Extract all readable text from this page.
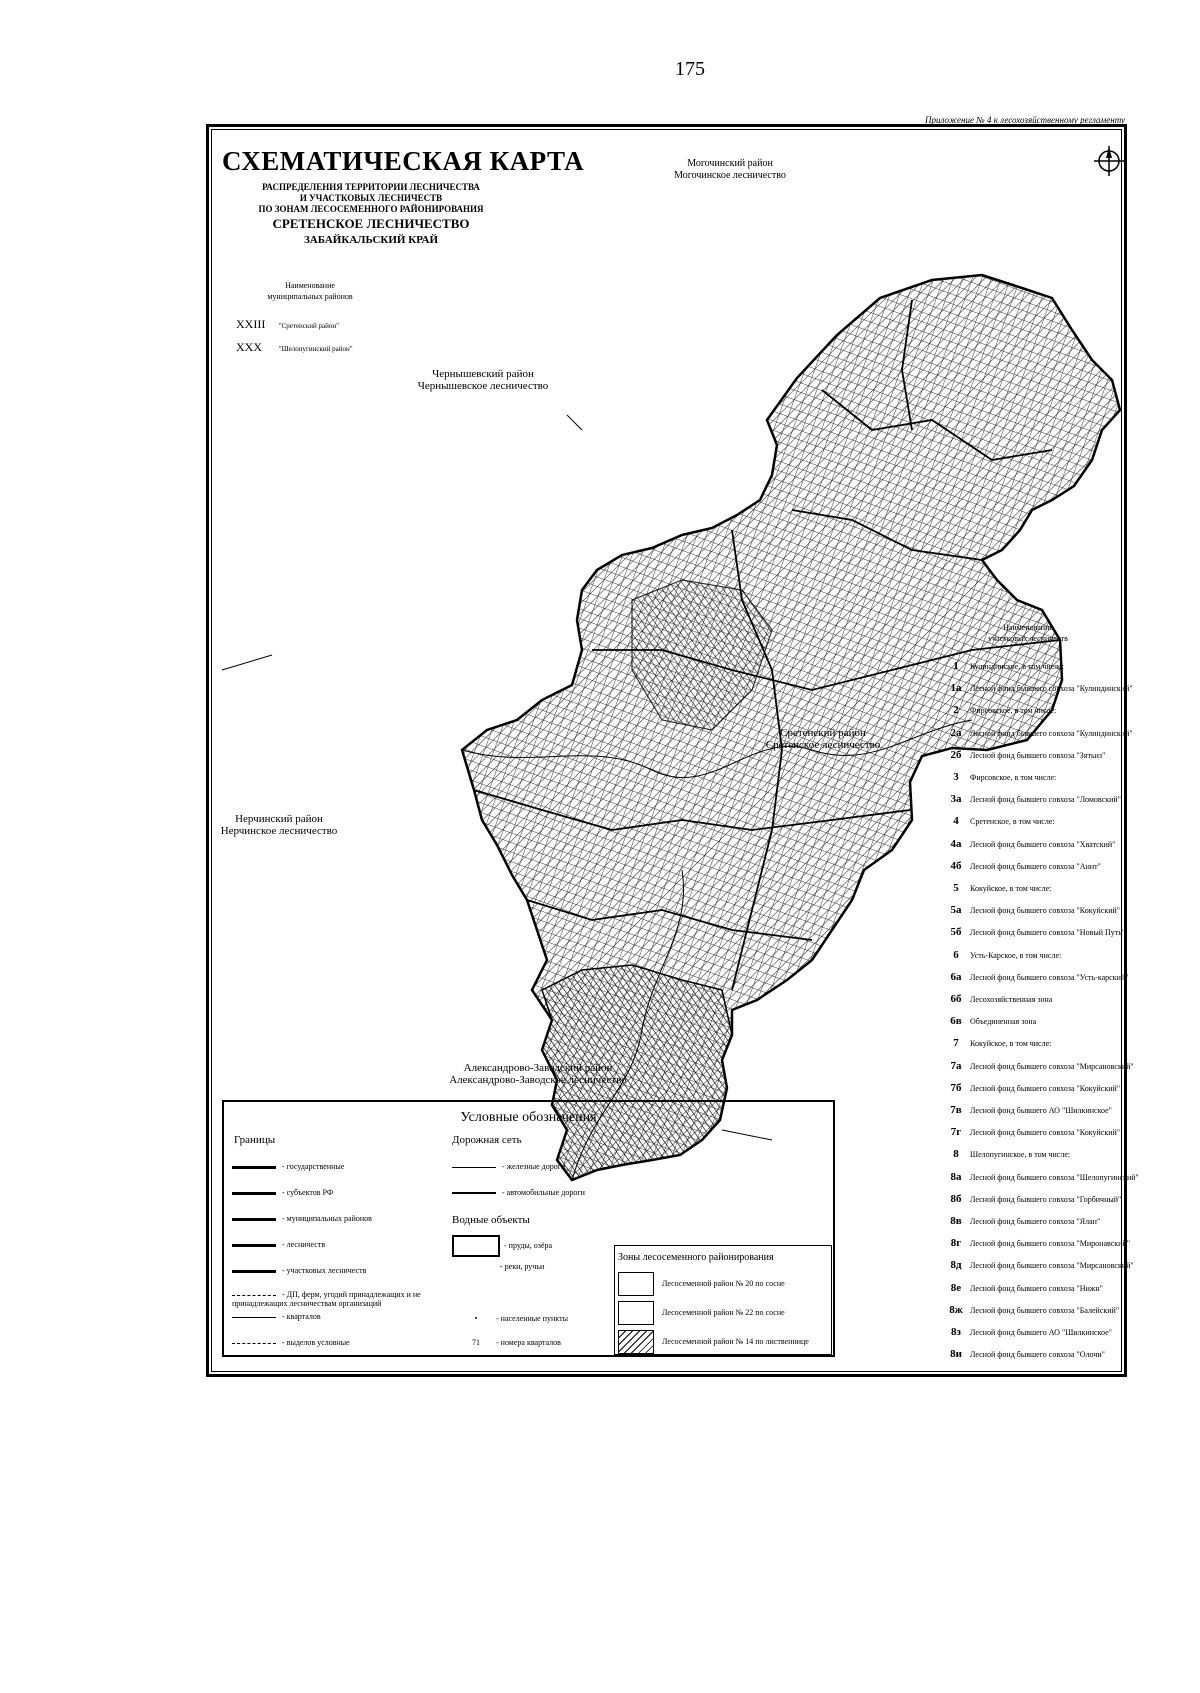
175
Приложение № 4 к лесохозяйственному регламенту
СХЕМАТИЧЕСКАЯ КАРТА
РАСПРЕДЕЛЕНИЯ ТЕРРИТОРИИ ЛЕСНИЧЕСТВА
И УЧАСТКОВЫХ ЛЕСНИЧЕСТВ
ПО ЗОНАМ ЛЕСОСЕМЕННОГО РАЙОНИРОВАНИЯ
СРЕТЕНСКОЕ ЛЕСНИЧЕСТВО
ЗАБАЙКАЛЬСКИЙ КРАЙ
Наименование
муниципальных районов
XXIII "Сретенский район"
XXX "Шелопугинский район"
Могочинский район
Могочинское лесничество
Чернышевский район
Чернышевское лесничество
Сретенский район
Сретенское лесничество
Нерчинский район
Нерчинское лесничество
Александрово-Заводский район
Александрово-Заводское лесничество
Наименование
участковых лесничеств
1 Кулиндинское, в том числе:
1а Лесной фонд бывшего совхоза "Кулиндинский"
2 Фирсовское, в том числе:
2а Лесной фонд бывшего совхоза "Кулиндинский"
2б Лесной фонд бывшего совхоза "Зятьиз"
3 Фирсовское, в том числе:
3а Лесной фонд бывшего совхоза "Ломовский"
4 Сретенское, в том числе:
4а Лесной фонд бывшего совхоза "Хватский"
4б Лесной фонд бывшего совхоза "Аннт"
5 Кокуйское, в том числе:
5а Лесной фонд бывшего совхоза "Кокуйский"
5б Лесной фонд бывшего совхоза "Новый Путь"
6 Усть-Карское, в том числе:
6а Лесной фонд бывшего совхоза "Усть-карский"
6б Лесохозяйственная зона
6в Объединенная зона
7 Кокуйское, в том числе:
7а Лесной фонд бывшего совхоза "Мирсановский"
7б Лесной фонд бывшего совхоза "Кокуйский"
7в Лесной фонд бывшего АО "Шилкинское"
7г Лесной фонд бывшего совхоза "Кокуйский"
8 Шелопугинское, в том числе:
8а Лесной фонд бывшего совхоза "Шелопугинский"
8б Лесной фонд бывшего совхоза "Горбичный"
8в Лесной фонд бывшего совхоза "Ялан"
8г Лесной фонд бывшего совхоза "Миронавский"
8д Лесной фонд бывшего совхоза "Мирсановский"
8е Лесной фонд бывшего совхоза "Нижн"
8ж Лесной фонд бывшего совхоза "Балейский"
8з Лесной фонд бывшего АО "Шилкинское"
8и Лесной фонд бывшего совхоза "Олочи"
Условные обозначения
Границы
- государственные
- субъектов РФ
- муниципальных районов
- лесничеств
- участковых лесничеств
- ДП, ферм, угодий принадлежащих и не принадлежащих лесничествам организаций
- кварталов
- выделов условные
Дорожная сеть
- железные дороги
- автомобильные дороги
Водные объекты
- пруды, озёра
- реки, ручьи
• - населенные пункты
71 - номера кварталов
Зоны лесосеменного районирования
Лесосеменной район № 20 по сосне
Лесосеменной район № 22 по сосне
Лесосеменной район № 14 по лиственнице
